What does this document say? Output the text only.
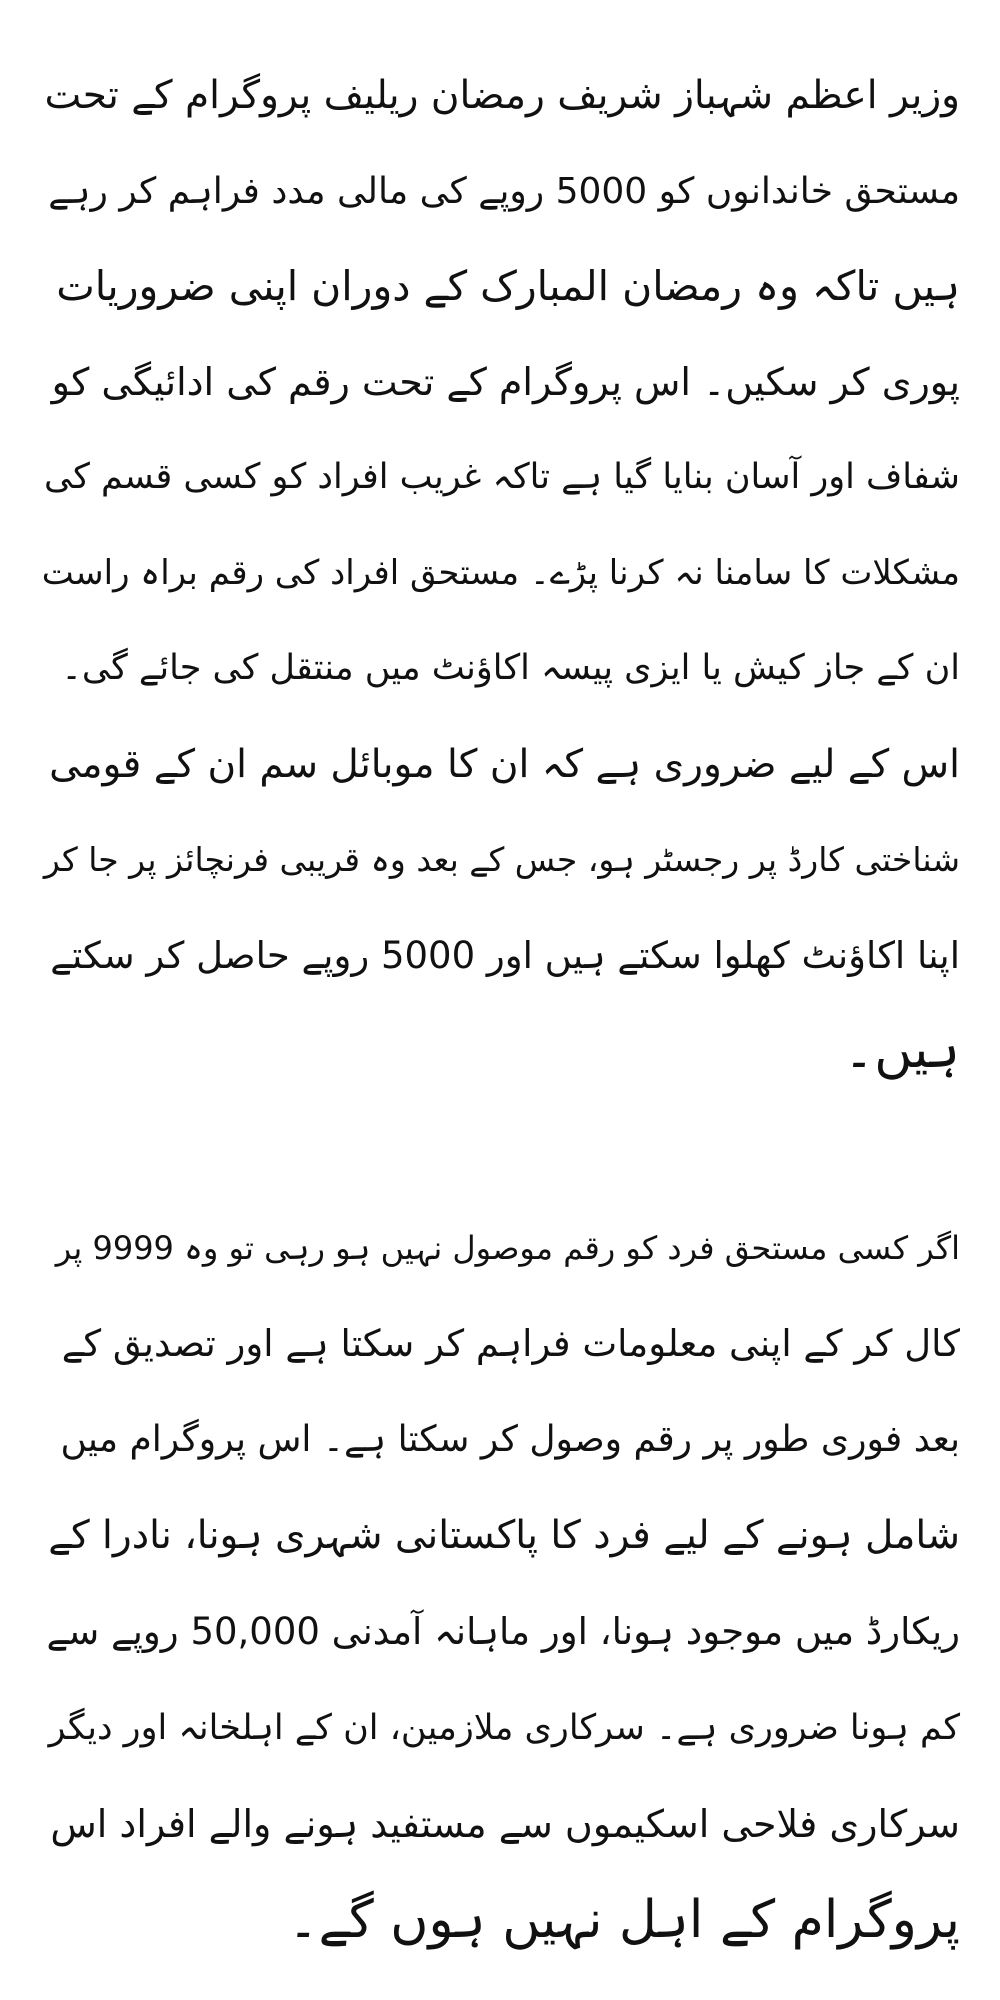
وزیر اعظم شہباز شریف رمضان ریلیف پروگرام کے تحت
مستحق خاندانوں کو 5000 روپے کی مالی مدد فراہم کر رہے
ہیں تاکہ وہ رمضان المبارک کے دوران اپنی ضروریات
پوری کر سکیں۔ اس پروگرام کے تحت رقم کی ادائیگی کو
شفاف اور آسان بنایا گیا ہے تاکہ غریب افراد کو کسی قسم کی
مشکلات کا سامنا نہ کرنا پڑے۔ مستحق افراد کی رقم براہ راست
ان کے جاز کیش یا ایزی پیسہ اکاؤنٹ میں منتقل کی جائے گی۔
اس کے لیے ضروری ہے کہ ان کا موبائل سم ان کے قومی
شناختی کارڈ پر رجسٹر ہو، جس کے بعد وہ قریبی فرنچائز پر جا کر
اپنا اکاؤنٹ کھلوا سکتے ہیں اور 5000 روپے حاصل کر سکتے
ہیں۔
اگر کسی مستحق فرد کو رقم موصول نہیں ہو رہی تو وہ 9999 پر
کال کر کے اپنی معلومات فراہم کر سکتا ہے اور تصدیق کے
بعد فوری طور پر رقم وصول کر سکتا ہے۔ اس پروگرام میں
شامل ہونے کے لیے فرد کا پاکستانی شہری ہونا، نادرا کے
ریکارڈ میں موجود ہونا، اور ماہانہ آمدنی 50,000 روپے سے
کم ہونا ضروری ہے۔ سرکاری ملازمین، ان کے اہلخانہ اور دیگر
سرکاری فلاحی اسکیموں سے مستفید ہونے والے افراد اس
پروگرام کے اہل نہیں ہوں گے۔
